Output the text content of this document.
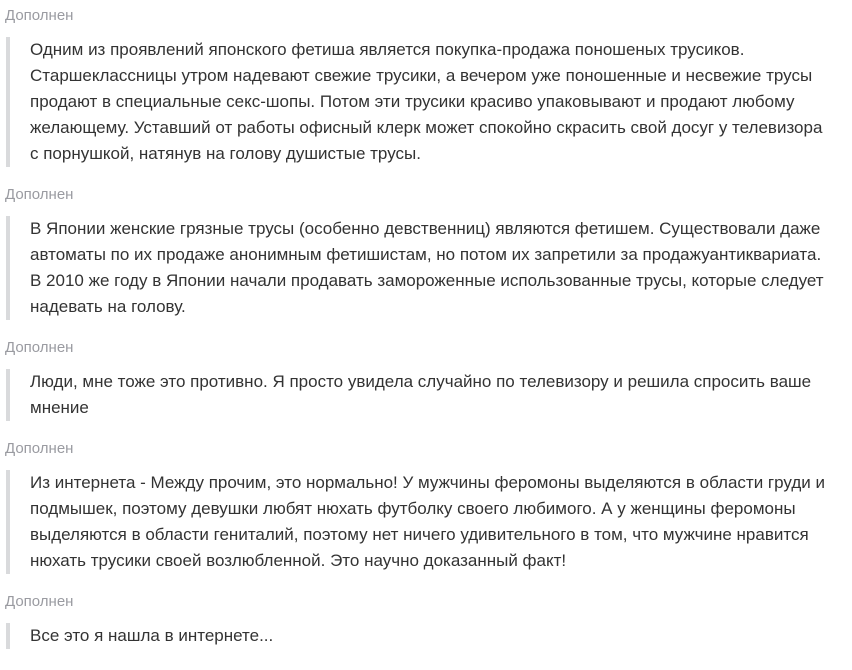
Дополнен

Одним из проявлений японского фетиша является покупка-продажа поношеных трусиков. Старшеклассницы утром надевают свежие трусики, а вечером уже поношенные и несвежие трусы продают в специальные секс-шопы. Потом эти трусики красиво упаковывают и продают любому желающему. Уставший от работы офисный клерк может спокойно скрасить свой досуг у телевизора с порнушкой, натянув на голову душистые трусы.

Дополнен

В Японии женские грязные трусы (особенно девственниц) являются фетишем. Существовали даже автоматы по их продаже анонимным фетишистам, но потом их запретили за продажуантиквариата. В 2010 же году в Японии начали продавать замороженные использованные трусы, которые следует надевать на голову.

Дополнен

Люди, мне тоже это противно. Я просто увидела случайно по телевизору и решила спросить ваше мнение

Дополнен

Из интернета - Между прочим, это нормально! У мужчины феромоны выделяются в области груди и подмышек, поэтому девушки любят нюхать футболку своего любимого. А у женщины феромоны выделяются в области гениталий, поэтому нет ничего удивительного в том, что мужчине нравится нюхать трусики своей возлюбленной. Это научно доказанный факт!

Дополнен

Все это я нашла в интернете...
